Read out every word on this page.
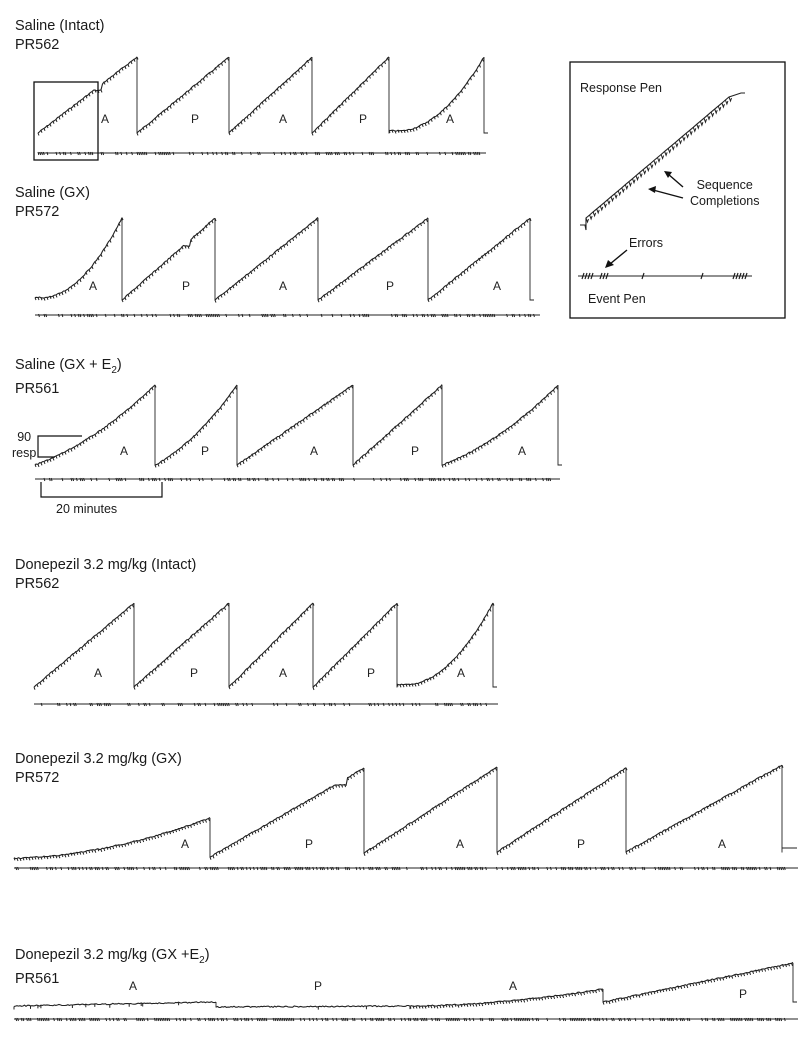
Saline (Intact)
PR562
Saline (GX)
PR572
Saline $(GX + E_2)$
PR561
Donepezil 3.2 mg/kg (Intact)
PR562
Donepezil 3.2 mg/kg (GX)
PR572
Donepezil 3.2 mg/kg $(GX +E_2)$
PR561
90
resp
20 minutes
Response Pen
Sequence
Completions
Errors
Event Pen
A	P	A	P	A
A	P	A	P	A
A	P	A	P	A
A	P	A	P	A
A	P	A	P	A
A	P	A
P
